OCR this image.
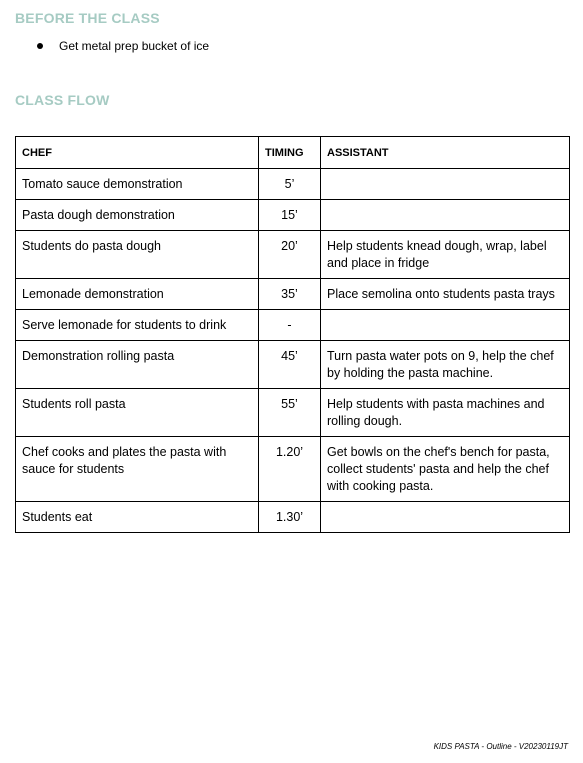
BEFORE THE CLASS
Get metal prep bucket of ice
CLASS FLOW
CHEF	TIMING	ASSISTANT
Tomato sauce demonstration	5’	
Pasta dough demonstration	15’	
Students do pasta dough	20’	Help students knead dough, wrap, label and place in fridge
Lemonade demonstration	35’	Place semolina onto students pasta trays
Serve lemonade for students to drink	-	
Demonstration rolling pasta	45’	Turn pasta water pots on 9, help the chef by holding the pasta machine.
Students roll pasta	55’	Help students with pasta machines and rolling dough.
Chef cooks and plates the pasta with sauce for students	1.20’	Get bowls on the chef's bench for pasta, collect students' pasta and help the chef with cooking pasta.
Students eat	1.30’	
KIDS PASTA - Outline - V20230119JT
